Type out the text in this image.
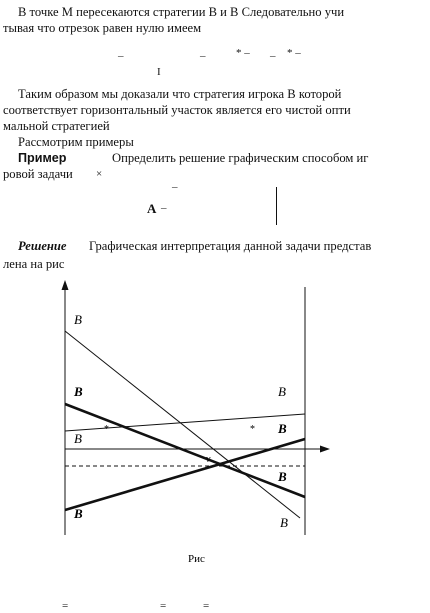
В точке М пересекаются стратегии В и В Следовательно учи
тывая что отрезок равен нулю имеем
–	–	* – – * –
I
Таким образом мы доказали что стратегия игрока В которой
соответствует горизонтальный участок является его чистой опти
мальной стратегией
Рассмотрим примеры
Пример	Определить решение графическим способом иг
ровой задачи ×
А –
–
Решение Графическая интерпретация данной задачи представ
лена на рис
B
B	B
B
*	* B
v
B
B
B
Рис
=	=	=
